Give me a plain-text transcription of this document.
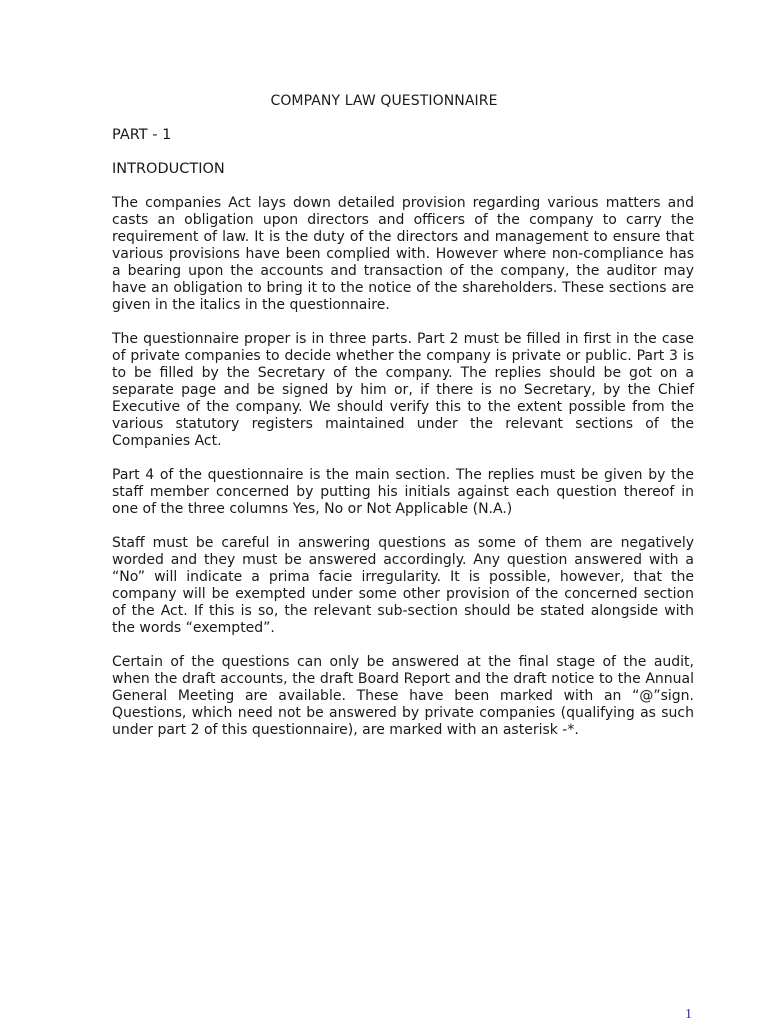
COMPANY LAW QUESTIONNAIRE
PART - 1
INTRODUCTION

The companies Act lays down detailed provision regarding various matters and casts an obligation upon directors and officers of the company to carry the requirement of law. It is the duty of the directors and management to ensure that various provisions have been complied with. However where non-compliance has a bearing upon the accounts and transaction of the company, the auditor may have an obligation to bring it to the notice of the shareholders. These sections are given in the italics in the questionnaire.

The questionnaire proper is in three parts. Part 2 must be filled in first in the case of private companies to decide whether the company is private or public. Part 3 is to be filled by the Secretary of the company. The replies should be got on a separate page and be signed by him or, if there is no Secretary, by the Chief Executive of the company. We should verify this to the extent possible from the various statutory registers maintained under the relevant sections of the Companies Act.

Part 4 of the questionnaire is the main section. The replies must be given by the staff member concerned by putting his initials against each question thereof in one of the three columns Yes, No or Not Applicable (N.A.)

Staff must be careful in answering questions as some of them are negatively worded and they must be answered accordingly. Any question answered with a “No” will indicate a prima facie irregularity. It is possible, however, that the company will be exempted under some other provision of the concerned section of the Act. If this is so, the relevant sub-section should be stated alongside with the words “exempted”.

Certain of the questions can only be answered at the final stage of the audit, when the draft accounts, the draft Board Report and the draft notice to the Annual General Meeting are available. These have been marked with an “@”sign. Questions, which need not be answered by private companies (qualifying as such under part 2 of this questionnaire), are marked with an asterisk -*.

1
